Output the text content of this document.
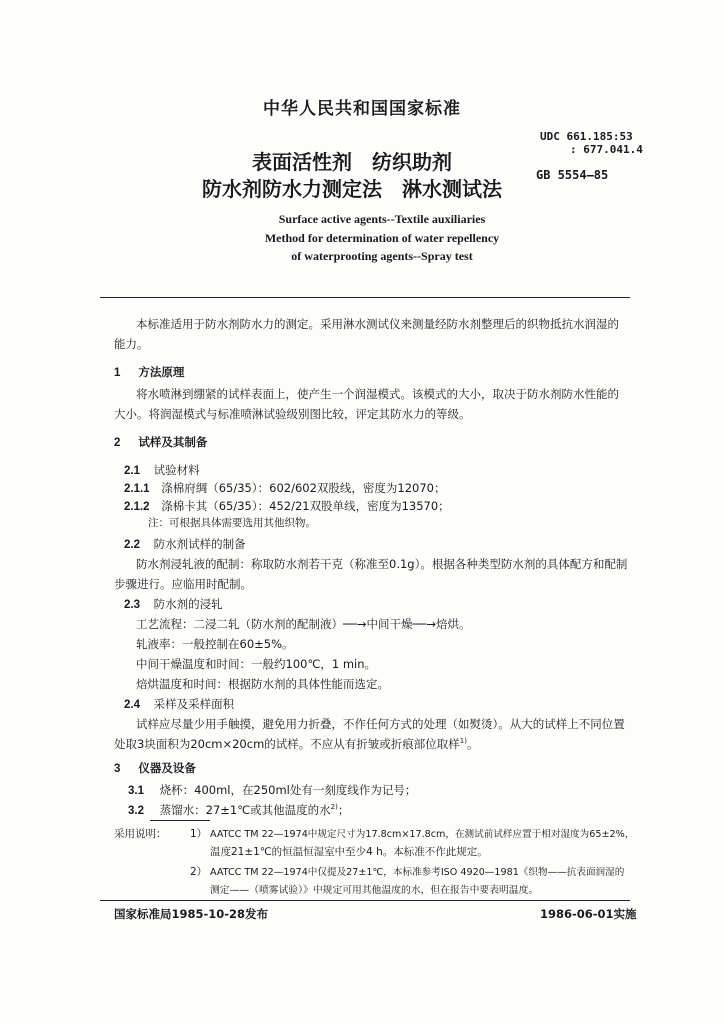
中华人民共和国国家标准
UDC 661.185:53
: 677.041.4
GB 5554—85
表面活性剂　纺织助剂
防水剂防水力测定法　淋水测试法
Surface active agents--Textile auxiliaries
Method for determination of water repellency
of waterprooting agents--Spray test
本标准适用于防水剂防水力的测定。采用淋水测试仪来测量经防水剂整理后的织物抵抗水润湿的
能力。
1 方法原理
将水喷淋到绷紧的试样表面上，使产生一个润湿模式。该模式的大小，取决于防水剂防水性能的
大小。将润湿模式与标准喷淋试验级别图比较，评定其防水力的等级。
2 试样及其制备
2.1 试验材料
2.1.1 涤棉府绸（65/35）：602/602双股线，密度为12070；
2.1.2 涤棉卡其（65/35）：452/21双股单线，密度为13570；
注：可根据具体需要选用其他织物。
2.2 防水剂试样的制备
防水剂浸轧液的配制：称取防水剂若干克（称准至0.1g）。根据各种类型防水剂的具体配方和配制
步骤进行。应临用时配制。
2.3 防水剂的浸轧
工艺流程：二浸二轧（防水剂的配制液）──→中间干燥──→焙烘。
轧液率：一般控制在60±5%。
中间干燥温度和时间：一般约100℃，1 min。
焙烘温度和时间：根据防水剂的具体性能而选定。
2.4 采样及采样面积
试样应尽量少用手触摸，避免用力折叠，不作任何方式的处理（如熨烫）。从大的试样上不同位置
处取3块面积为20cm×20cm的试样。不应从有折皱或折痕部位取样$^{1)}$。
3 仪器及设备
3.1 烧杯：400ml，在250ml处有一刻度线作为记号；
3.2 蒸馏水：27±1℃或其他温度的水$^{2)}$；
采用说明： 1） AATCC TM 22—1974中规定尺寸为17.8cm×17.8cm，在测试前试样应置于相对湿度为65±2%，
温度21±1℃的恒温恒湿室中至少4 h。本标准不作此规定。
2） AATCC TM 22—1974中仅提及27±1℃，本标准参考ISO 4920—1981《织物——抗表面润湿的
测定——（喷雾试验）》中规定可用其他温度的水，但在报告中要表明温度。
国家标准局1985-10-28发布	1986-06-01实施
